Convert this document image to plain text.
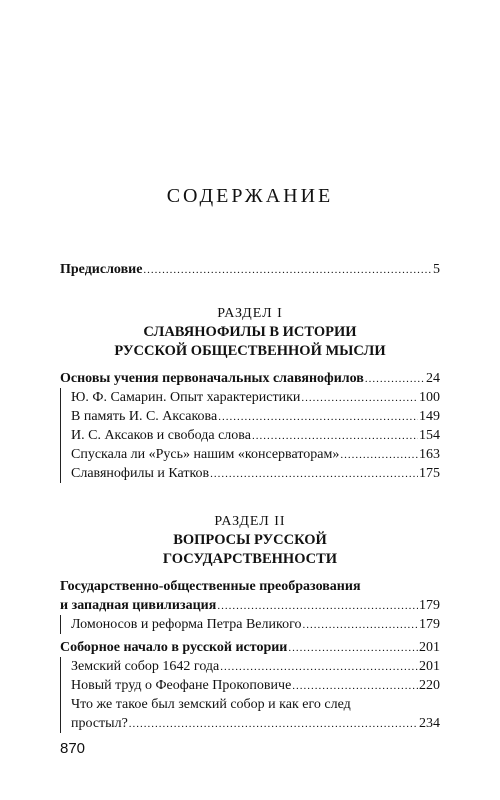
СОДЕРЖАНИЕ
Предисловие .....	5
РАЗДЕЛ I
СЛАВЯНОФИЛЫ В ИСТОРИИ
РУССКОЙ ОБЩЕСТВЕННОЙ МЫСЛИ
Основы учения первоначальных славянофилов .....	24
Ю. Ф. Самарин. Опыт характеристики .....	100
В память И. С. Аксакова .....	149
И. С. Аксаков и свобода слова .....	154
Спускала ли «Русь» нашим «консерваторам» .....	163
Славянофилы и Катков .....	175
РАЗДЕЛ II
ВОПРОСЫ РУССКОЙ
ГОСУДАРСТВЕННОСТИ
Государственно-общественные преобразования
и западная цивилизация .....	179
Ломоносов и реформа Петра Великого .....	179
Соборное начало в русской истории .....	201
Земский собор 1642 года .....	201
Новый труд о Феофане Прокоповиче .....	220
Что же такое был земский собор и как его след
простыл? .....	234
870
